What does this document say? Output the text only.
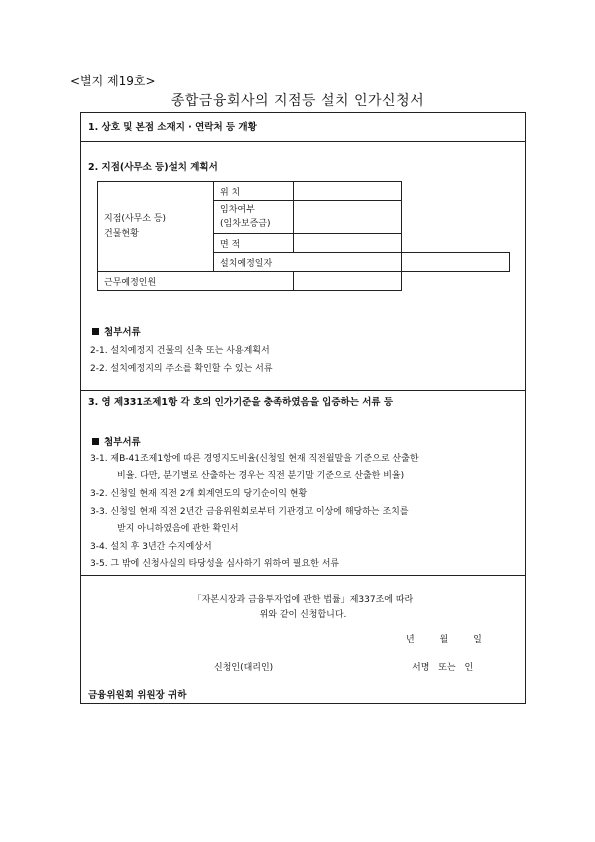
<별지 제19호>
종합금융회사의 지점등 설치 인가신청서
1. 상호 및 본점 소재지 · 연락처 등 개황
2. 지점(사무소 등)설치 계획서
지점(사무소 등)
건물현황	위 치		
	임차여부
(임차보증금)		
	면 적		
	설치예정일자		
근무예정인원			
첨부서류
2-1. 설치예정지 건물의 신축 또는 사용계획서
2-2. 설치예정지의 주소를 확인할 수 있는 서류
3. 영 제331조제1항 각 호의 인가기준을 충족하였음을 입증하는 서류 등
첨부서류
3-1. 제B-41조제1항에 따른 경영지도비율(신청일 현재 직전월말을 기준으로 산출한
비율. 다만, 분기별로 산출하는 경우는 직전 분기말 기준으로 산출한 비율)
3-2. 신청일 현재 직전 2개 회계연도의 당기순이익 현황
3-3. 신청일 현재 직전 2년간 금융위원회로부터 기관경고 이상에 해당하는 조치를
받지 아니하였음에 관한 확인서
3-4. 설치 후 3년간 수지예상서
3-5. 그 밖에 신청사실의 타당성을 심사하기 위하여 필요한 서류
「자본시장과 금융투자업에 관한 법률」제337조에 따라
위와 같이 신청합니다.
년 월 일
신청인(대리인)	서명 또는 인
금융위원회 위원장 귀하
